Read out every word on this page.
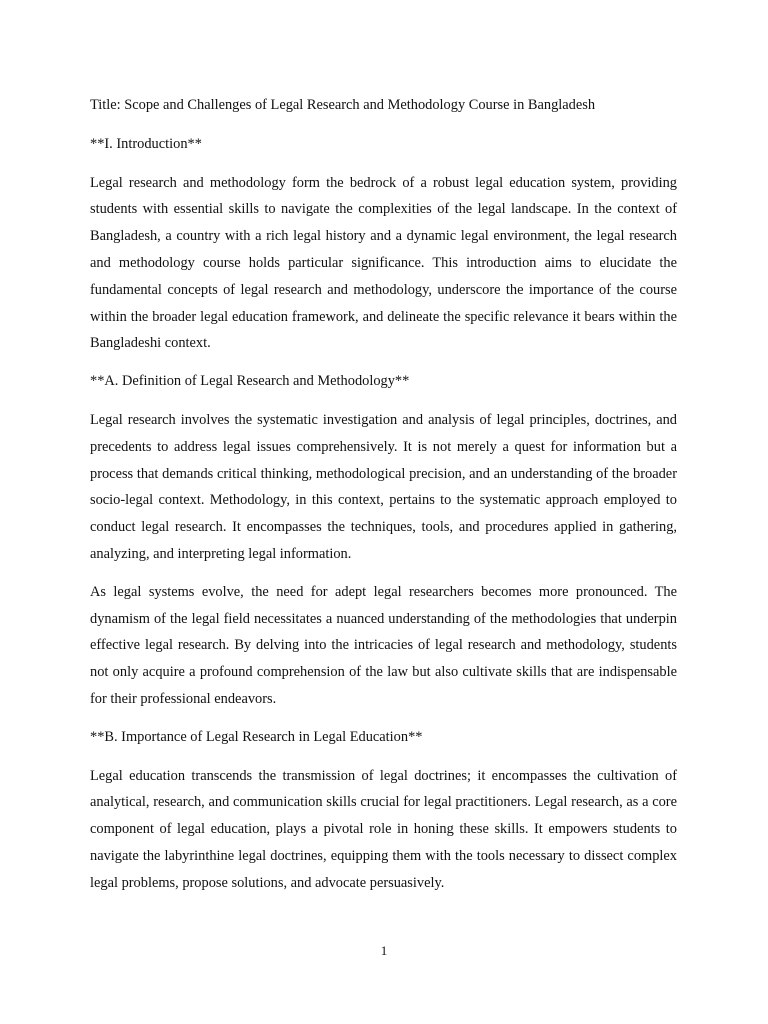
Title: Scope and Challenges of Legal Research and Methodology Course in Bangladesh

**I. Introduction**

Legal research and methodology form the bedrock of a robust legal education system, providing students with essential skills to navigate the complexities of the legal landscape. In the context of Bangladesh, a country with a rich legal history and a dynamic legal environment, the legal research and methodology course holds particular significance. This introduction aims to elucidate the fundamental concepts of legal research and methodology, underscore the importance of the course within the broader legal education framework, and delineate the specific relevance it bears within the Bangladeshi context.

**A. Definition of Legal Research and Methodology**

Legal research involves the systematic investigation and analysis of legal principles, doctrines, and precedents to address legal issues comprehensively. It is not merely a quest for information but a process that demands critical thinking, methodological precision, and an understanding of the broader socio-legal context. Methodology, in this context, pertains to the systematic approach employed to conduct legal research. It encompasses the techniques, tools, and procedures applied in gathering, analyzing, and interpreting legal information.

As legal systems evolve, the need for adept legal researchers becomes more pronounced. The dynamism of the legal field necessitates a nuanced understanding of the methodologies that underpin effective legal research. By delving into the intricacies of legal research and methodology, students not only acquire a profound comprehension of the law but also cultivate skills that are indispensable for their professional endeavors.

**B. Importance of Legal Research in Legal Education**

Legal education transcends the transmission of legal doctrines; it encompasses the cultivation of analytical, research, and communication skills crucial for legal practitioners. Legal research, as a core component of legal education, plays a pivotal role in honing these skills. It empowers students to navigate the labyrinthine legal doctrines, equipping them with the tools necessary to dissect complex legal problems, propose solutions, and advocate persuasively.

1
